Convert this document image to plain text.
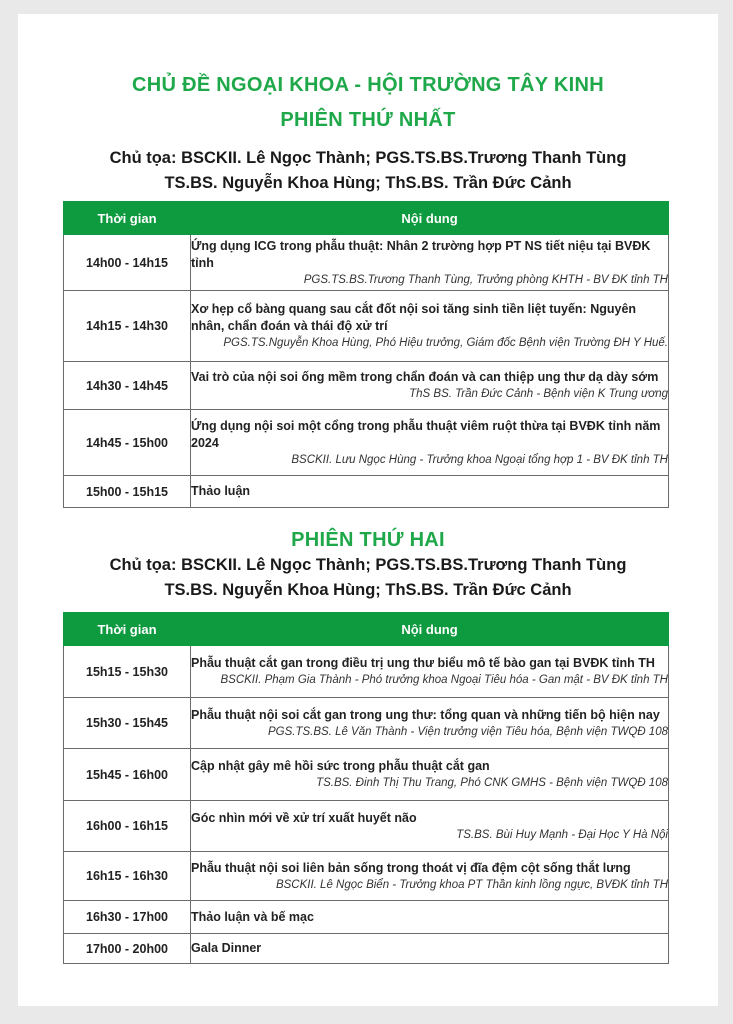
CHỦ ĐỀ NGOẠI KHOA - HỘI TRƯỜNG TÂY KINH
PHIÊN THỨ NHẤT
Chủ tọa: BSCKII. Lê Ngọc Thành; PGS.TS.BS.Trương Thanh Tùng
TS.BS. Nguyễn Khoa Hùng; ThS.BS. Trần Đức Cảnh
Thời gian	Nội dung
14h00 - 14h15	Ứng dụng ICG trong phẫu thuật: Nhân 2 trường hợp PT NS tiết niệu tại BVĐK tỉnh
PGS.TS.BS.Trương Thanh Tùng, Trưởng phòng KHTH - BV ĐK tỉnh TH

14h15 - 14h30	Xơ hẹp cổ bàng quang sau cắt đốt nội soi tăng sinh tiền liệt tuyến: Nguyên nhân, chẩn đoán và thái độ xử trí
PGS.TS.Nguyễn Khoa Hùng, Phó Hiệu trưởng, Giám đốc Bệnh viện Trường ĐH Y Huế.

14h30 - 14h45	Vai trò của nội soi ống mềm trong chẩn đoán và can thiệp ung thư dạ dày sớm
ThS BS. Trần Đức Cảnh - Bệnh viện K Trung ương

14h45 - 15h00	Ứng dụng nội soi một cổng trong phẫu thuật viêm ruột thừa tại BVĐK tỉnh năm 2024
BSCKII. Lưu Ngọc Hùng - Trưởng khoa Ngoại tổng hợp 1 - BV ĐK tỉnh TH

15h00 - 15h15	Thảo luận
PHIÊN THỨ HAI
Chủ tọa: BSCKII. Lê Ngọc Thành; PGS.TS.BS.Trương Thanh Tùng
TS.BS. Nguyễn Khoa Hùng; ThS.BS. Trần Đức Cảnh
Thời gian	Nội dung
15h15 - 15h30	Phẫu thuật cắt gan trong điều trị ung thư biểu mô tế bào gan tại BVĐK tỉnh TH
BSCKII. Phạm Gia Thành - Phó trưởng khoa Ngoại Tiêu hóa - Gan mật - BV ĐK tỉnh TH

15h30 - 15h45	Phẫu thuật nội soi cắt gan trong ung thư: tổng quan và những tiến bộ hiện nay
PGS.TS.BS. Lê Văn Thành - Viện trưởng viện Tiêu hóa, Bệnh viện TWQĐ 108

15h45 - 16h00	Cập nhật gây mê hồi sức trong phẫu thuật cắt gan
TS.BS. Đinh Thị Thu Trang, Phó CNK GMHS - Bệnh viện TWQĐ 108

16h00 - 16h15	Góc nhìn mới về xử trí xuất huyết não
TS.BS. Bùi Huy Mạnh - Đại Học Y Hà Nội

16h15 - 16h30	Phẫu thuật nội soi liên bản sống trong thoát vị đĩa đệm cột sống thắt lưng
BSCKII. Lê Ngọc Biển - Trưởng khoa PT Thần kinh lồng ngực, BVĐK tỉnh TH

16h30 - 17h00	Thảo luận và bế mạc

17h00 - 20h00	Gala Dinner
